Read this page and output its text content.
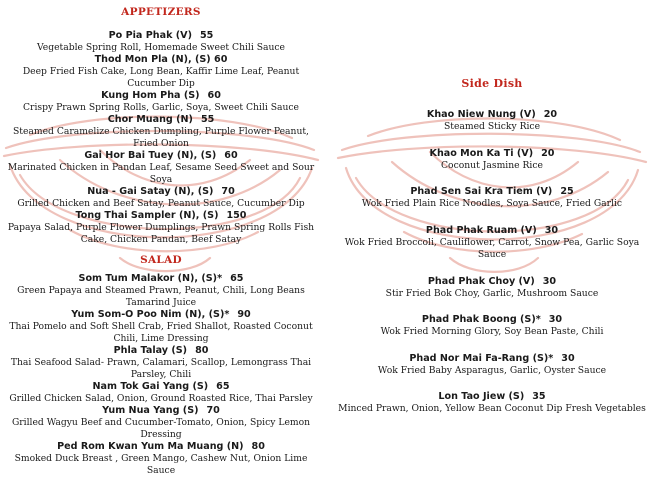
APPETIZERS
Po Pia Phak (V) 55
Vegetable Spring Roll, Homemade Sweet Chili Sauce
Thod Mon Pla (N), (S) 60
Deep Fried Fish Cake, Long Bean, Kaffir Lime Leaf, Peanut Cucumber Dip
Kung Hom Pha (S) 60
Crispy Prawn Spring Rolls, Garlic, Soya, Sweet Chili Sauce
Chor Muang (N) 55
Steamed Caramelize Chicken Dumpling, Purple Flower Peanut, Fried Onion
Gai Hor Bai Tuey (N), (S) 60
Marinated Chicken in Pandan Leaf, Sesame Seed Sweet and Sour Soya
Nua - Gai Satay (N), (S) 70
Grilled Chicken and Beef Satay, Peanut Sauce, Cucumber Dip
Tong Thai Sampler (N), (S) 150
Papaya Salad, Purple Flower Dumplings, Prawn Spring Rolls Fish Cake, Chicken Pandan, Beef Satay
SALAD
Som Tum Malakor (N), (S)* 65
Green Papaya and Steamed Prawn, Peanut, Chili, Long Beans Tamarind Juice
Yum Som-O Poo Nim (N), (S)* 90
Thai Pomelo and Soft Shell Crab, Fried Shallot, Roasted Coconut Chili, Lime Dressing
Phla Talay (S) 80
Thai Seafood Salad- Prawn, Calamari, Scallop, Lemongrass Thai Parsley, Chili
Nam Tok Gai Yang (S) 65
Grilled Chicken Salad, Onion, Ground Roasted Rice, Thai Parsley
Yum Nua Yang (S) 70
Grilled Wagyu Beef and Cucumber-Tomato, Onion, Spicy Lemon Dressing
Ped Rom Kwan Yum Ma Muang (N) 80
Smoked Duck Breast , Green Mango, Cashew Nut, Onion Lime Sauce
Side Dish
Khao Niew Nung (V) 20
Steamed Sticky Rice
Khao Mon Ka Ti (V) 20
Coconut Jasmine Rice
Phad Sen Sai Kra Tiem (V) 25
Wok Fried Plain Rice Noodles, Soya Sauce, Fried Garlic
Phad Phak Ruam (V) 30
Wok Fried Broccoli, Cauliflower, Carrot, Snow Pea, Garlic Soya Sauce
Phad Phak Choy (V) 30
Stir Fried Bok Choy, Garlic, Mushroom Sauce
Phad Phak Boong (S)* 30
Wok Fried Morning Glory, Soy Bean Paste, Chili
Phad Nor Mai Fa-Rang (S)* 30
Wok Fried Baby Asparagus, Garlic, Oyster Sauce
Lon Tao Jiew (S) 35
Minced Prawn, Onion, Yellow Bean Coconut Dip Fresh Vegetables
